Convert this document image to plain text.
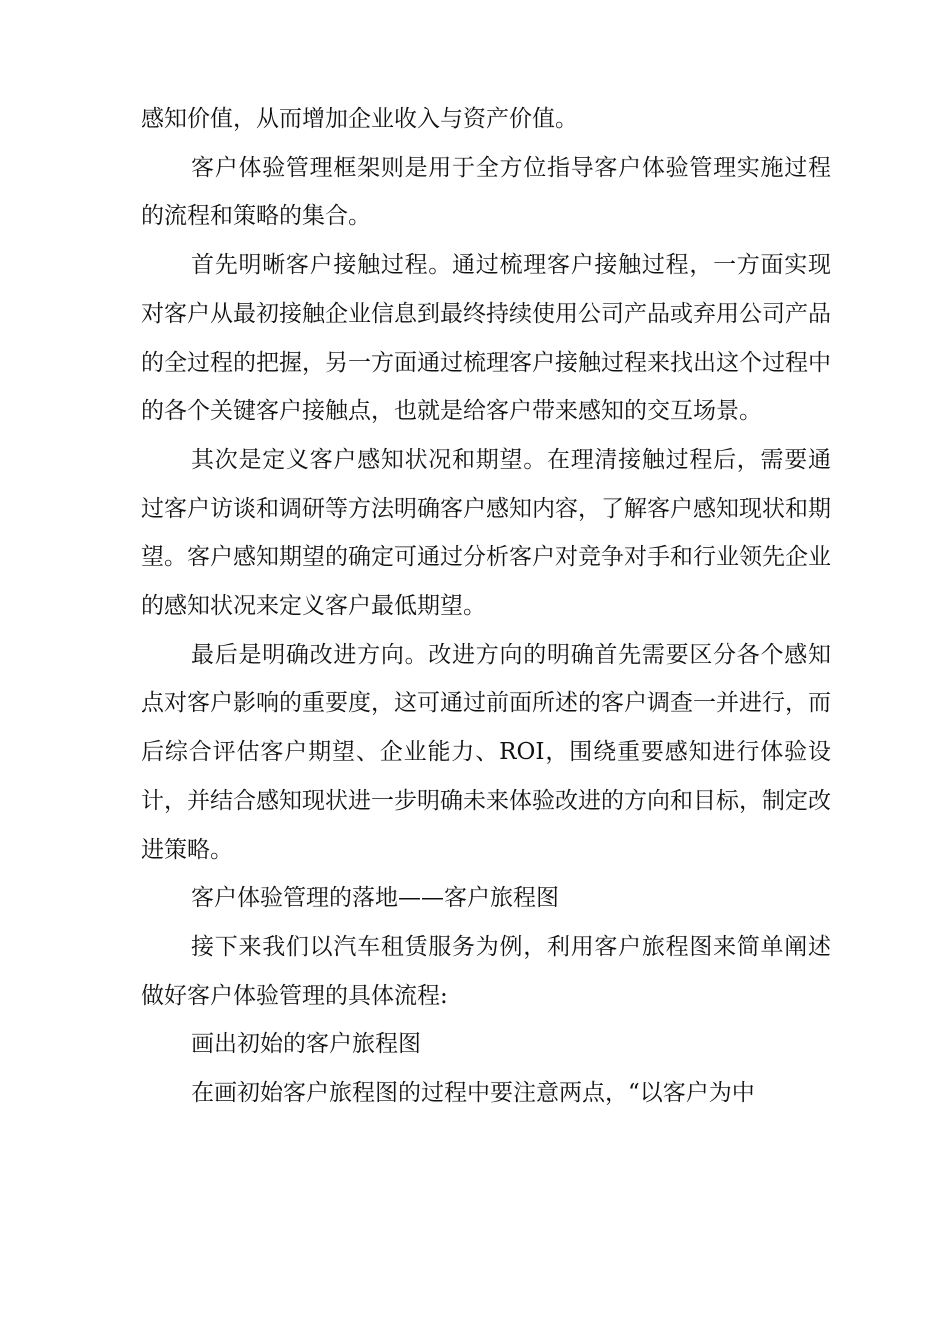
感知价值，从而增加企业收入与资产价值。

客户体验管理框架则是用于全方位指导客户体验管理实施过程的流程和策略的集合。

首先明晰客户接触过程。通过梳理客户接触过程，一方面实现对客户从最初接触企业信息到最终持续使用公司产品或弃用公司产品的全过程的把握，另一方面通过梳理客户接触过程来找出这个过程中的各个关键客户接触点，也就是给客户带来感知的交互场景。

其次是定义客户感知状况和期望。在理清接触过程后，需要通过客户访谈和调研等方法明确客户感知内容，了解客户感知现状和期望。客户感知期望的确定可通过分析客户对竞争对手和行业领先企业的感知状况来定义客户最低期望。

最后是明确改进方向。改进方向的明确首先需要区分各个感知点对客户影响的重要度，这可通过前面所述的客户调查一并进行，而后综合评估客户期望、企业能力、ROI，围绕重要感知进行体验设计，并结合感知现状进一步明确未来体验改进的方向和目标，制定改进策略。

客户体验管理的落地——客户旅程图

接下来我们以汽车租赁服务为例，利用客户旅程图来简单阐述做好客户体验管理的具体流程:

画出初始的客户旅程图

在画初始客户旅程图的过程中要注意两点，“以客户为中
